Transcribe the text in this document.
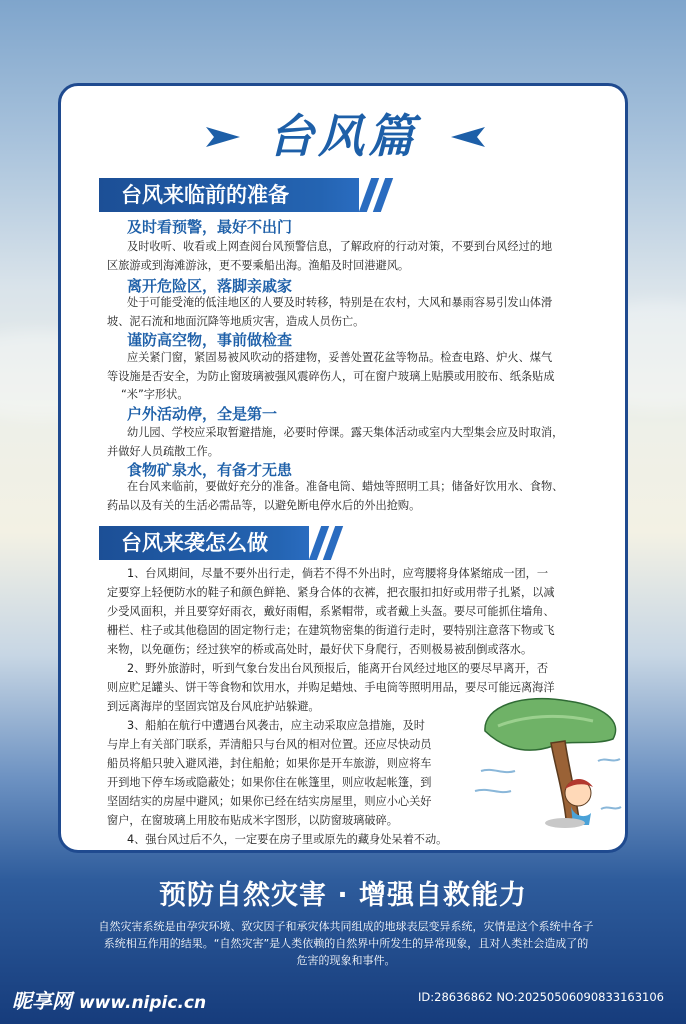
台风篇
台风来临前的准备
及时看预警，最好不出门
及时收听、收看或上网查阅台风预警信息，了解政府的行动对策，不要到台风经过的地
区旅游或到海滩游泳，更不要乘船出海。渔船及时回港避风。
离开危险区，落脚亲戚家
处于可能受淹的低洼地区的人要及时转移，特别是在农村，大风和暴雨容易引发山体滑
坡、泥石流和地面沉降等地质灾害，造成人员伤亡。
谨防高空物，事前做检查
应关紧门窗，紧固易被风吹动的搭建物，妥善处置花盆等物品。检查电路、炉火、煤气
等设施是否安全，为防止窗玻璃被强风震碎伤人，可在窗户玻璃上贴膜或用胶布、纸条贴成
“米”字形状。
户外活动停，全是第一
幼儿园、学校应采取暂避措施，必要时停课。露天集体活动或室内大型集会应及时取消，
并做好人员疏散工作。
食物矿泉水，有备才无患
在台风来临前，要做好充分的准备。准备电筒、蜡烛等照明工具；储备好饮用水、食物、
药品以及有关的生活必需品等，以避免断电停水后的外出抢购。
台风来袭怎么做
1、台风期间，尽量不要外出行走，倘若不得不外出时，应弯腰将身体紧缩成一团，一
定要穿上轻便防水的鞋子和颜色鲜艳、紧身合体的衣裤，把衣服扣扣好或用带子扎紧，以减
少受风面积，并且要穿好雨衣，戴好雨帽，系紧帽带，或者戴上头盔。要尽可能抓住墙角、
栅栏、柱子或其他稳固的固定物行走；在建筑物密集的街道行走时，要特别注意落下物或飞
来物，以免砸伤；经过狭窄的桥或高处时，最好伏下身爬行，否则极易被刮倒或落水。
2、野外旅游时，听到气象台发出台风预报后，能离开台风经过地区的要尽早离开，否
则应贮足罐头、饼干等食物和饮用水，并购足蜡烛、手电筒等照明用品，要尽可能远离海洋
到远离海岸的坚固宾馆及台风庇护站躲避。
3、船舶在航行中遭遇台风袭击，应主动采取应急措施，及时
与岸上有关部门联系，弄清船只与台风的相对位置。还应尽快动员
船员将船只驶入避风港，封住船舱；如果你是开车旅游，则应将车
开到地下停车场或隐蔽处；如果你住在帐篷里，则应收起帐篷，到
坚固结实的房屋中避风；如果你已经在结实房屋里，则应小心关好
窗户，在窗玻璃上用胶布贴成米字图形，以防窗玻璃破碎。
4、强台风过后不久，一定要在房子里或原先的藏身处呆着不动。
预防自然灾害 · 增强自救能力
自然灾害系统是由孕灾环境、致灾因子和承灾体共同组成的地球表层变异系统，灾情是这个系统中各子
系统相互作用的结果。“自然灾害”是人类依赖的自然界中所发生的异常现象，且对人类社会造成了的
危害的现象和事件。
昵享网 www.nipic.cn	ID:28636862 NO:20250506090833163106
